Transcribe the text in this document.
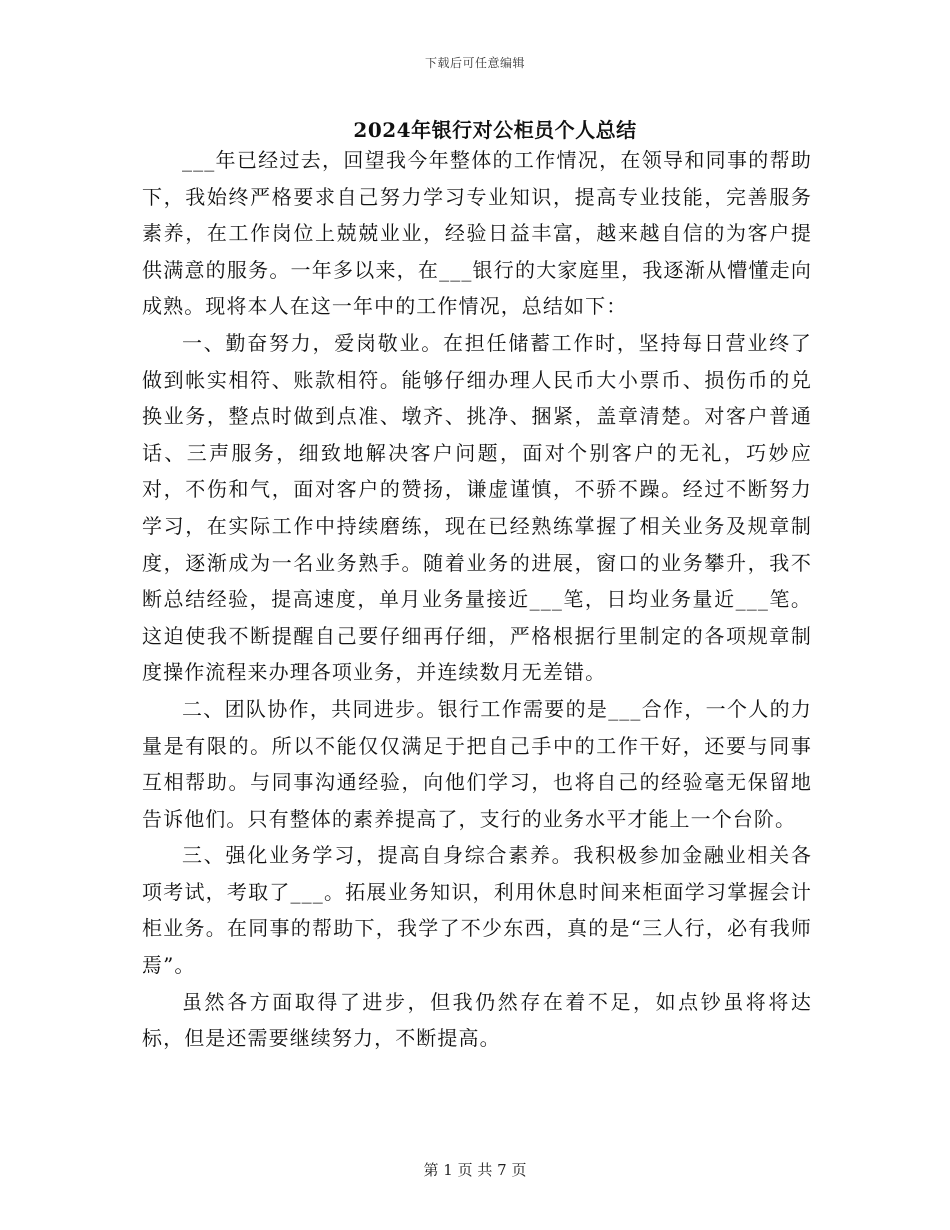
下载后可任意编辑
2024年银行对公柜员个人总结

___年已经过去，回望我今年整体的工作情况，在领导和同事的帮助下，我始终严格要求自己努力学习专业知识，提高专业技能，完善服务素养，在工作岗位上兢兢业业，经验日益丰富，越来越自信的为客户提供满意的服务。一年多以来，在___银行的大家庭里，我逐渐从懵懂走向成熟。现将本人在这一年中的工作情况，总结如下：

一、勤奋努力，爱岗敬业。在担任储蓄工作时，坚持每日营业终了做到帐实相符、账款相符。能够仔细办理人民币大小票币、损伤币的兑换业务，整点时做到点准、墩齐、挑净、捆紧，盖章清楚。对客户普通话、三声服务，细致地解决客户问题，面对个别客户的无礼，巧妙应对，不伤和气，面对客户的赞扬，谦虚谨慎，不骄不躁。经过不断努力学习，在实际工作中持续磨练，现在已经熟练掌握了相关业务及规章制度，逐渐成为一名业务熟手。随着业务的进展，窗口的业务攀升，我不断总结经验，提高速度，单月业务量接近___笔，日均业务量近___笔。这迫使我不断提醒自己要仔细再仔细，严格根据行里制定的各项规章制度操作流程来办理各项业务，并连续数月无差错。

二、团队协作，共同进步。银行工作需要的是___合作，一个人的力量是有限的。所以不能仅仅满足于把自己手中的工作干好，还要与同事互相帮助。与同事沟通经验，向他们学习，也将自己的经验毫无保留地告诉他们。只有整体的素养提高了，支行的业务水平才能上一个台阶。

三、强化业务学习，提高自身综合素养。我积极参加金融业相关各项考试，考取了___。拓展业务知识，利用休息时间来柜面学习掌握会计柜业务。在同事的帮助下，我学了不少东西，真的是“三人行，必有我师焉”。

虽然各方面取得了进步，但我仍然存在着不足，如点钞虽将将达标，但是还需要继续努力，不断提高。

第 1 页 共 7 页
